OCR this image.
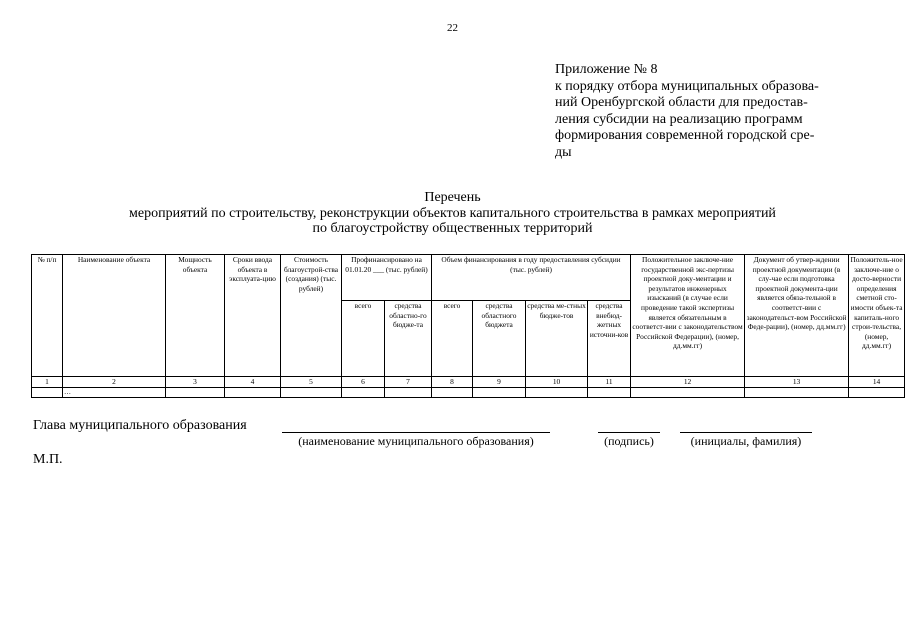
22
Приложение № 8
к порядку отбора муниципальных образова-
ний Оренбургской области для предостав-
ления субсидии на реализацию программ
формирования современной городской сре-
ды
Перечень
мероприятий по строительству, реконструкции объектов капитального строительства в рамках мероприятий
по благоустройству общественных территорий
№ п/п	Наименование объекта	Мощность объекта	Сроки ввода объекта в эксплуата-цию	Стоимость благоустрой-ства (создания) (тыс. рублей)	Профинансировано на 01.01.20 ___ (тыс. рублей)		Объем финансирования в году предоставления субсидии (тыс. рублей)				Положительное заключе-ние государственной экс-пертизы проектной доку-ментации и результатов инженерных изысканий (в случае если проведение такой экспертизы является обязательным в соответст-вии с законодательством Российской Федерации), (номер, дд.мм.гг)	Документ об утвер-ждении проектной документации (в слу-чае если подготовка проектной документа-ции является обяза-тельной в соответст-вии с законодательст-вом Российской Феде-рации), (номер, дд.мм.гг)	Положитель-ное заключе-ние о досто-верности определения сметной сто-имости объек-та капиталь-ного строи-тельства, (номер, дд.мм.гг)
					всего	средства областно-го бюдже-та	всего	средства областного бюджета	средства ме-стных бюдже-тов	средства внебюд-жетных источни-ков			
1	2	3	4	5	6	7	8	9	10	11	12	13	14
	…												
Глава муниципального образования
(наименование муниципального образования)	(подпись)	(инициалы, фамилия)
М.П.
